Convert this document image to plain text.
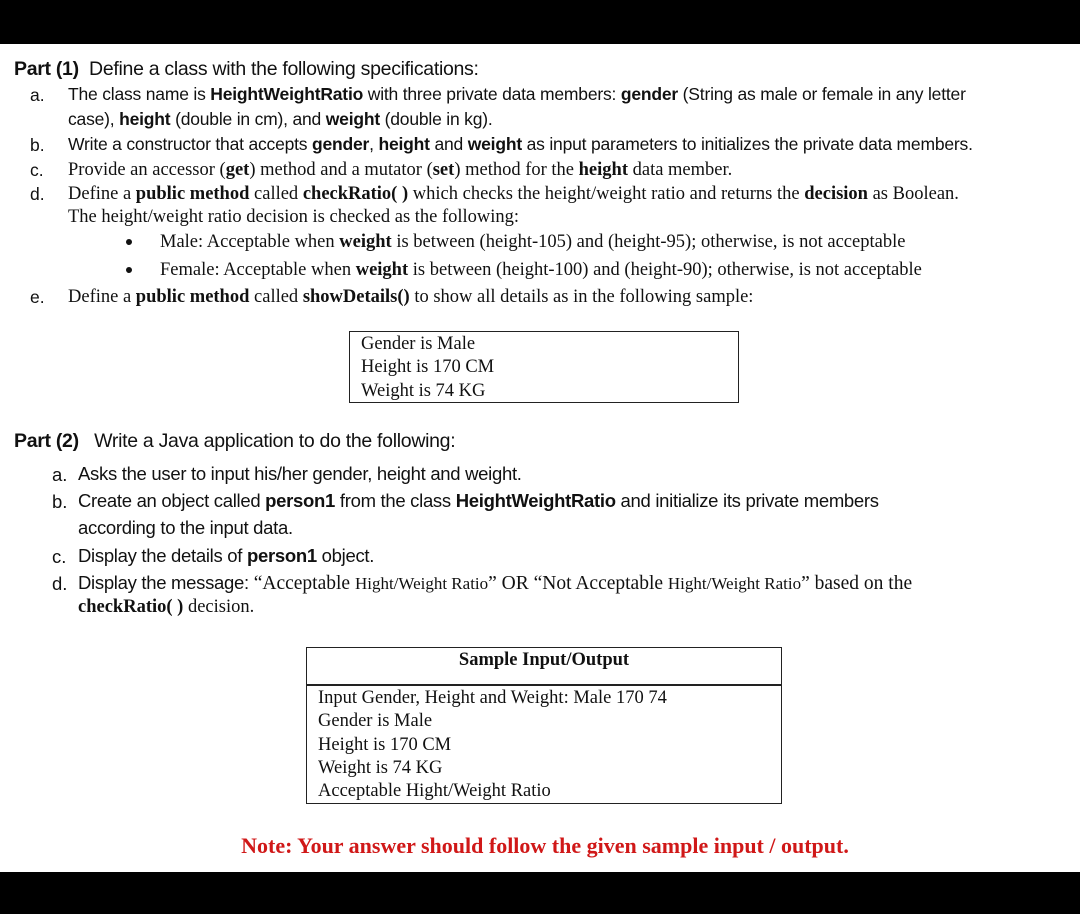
Part (1) Define a class with the following specifications:
Gender is Male
Height is 170 CM
Weight is 74 KG
Part (2) Write a Java application to do the following:
Sample Input/Output
Input Gender, Height and Weight: Male 170 74
Gender is Male
Height is 170 CM
Weight is 74 KG
Acceptable Hight/Weight Ratio
Note: Your answer should follow the given sample input / output.
a. The class name is HeightWeightRatio with three private data members: gender (String as male or female in any letter
case), height (double in cm), and weight (double in kg).
b. Write a constructor that accepts gender, height and weight as input parameters to initializes the private data members.
c. Provide an accessor (get) method and a mutator (set) method for the height data member.
d. Define a public method called checkRatio( ) which checks the height/weight ratio and returns the decision as Boolean.
The height/weight ratio decision is checked as the following:
Male: Acceptable when weight is between (height-105) and (height-95); otherwise, is not acceptable
Female: Acceptable when weight is between (height-100) and (height-90); otherwise, is not acceptable
e. Define a public method called showDetails() to show all details as in the following sample:
a. Asks the user to input his/her gender, height and weight.
b. Create an object called person1 from the class HeightWeightRatio and initialize its private members
according to the input data.
c. Display the details of person1 object.
d. Display the message: “Acceptable Hight/Weight Ratio” OR “Not Acceptable Hight/Weight Ratio” based on the
checkRatio( ) decision.
